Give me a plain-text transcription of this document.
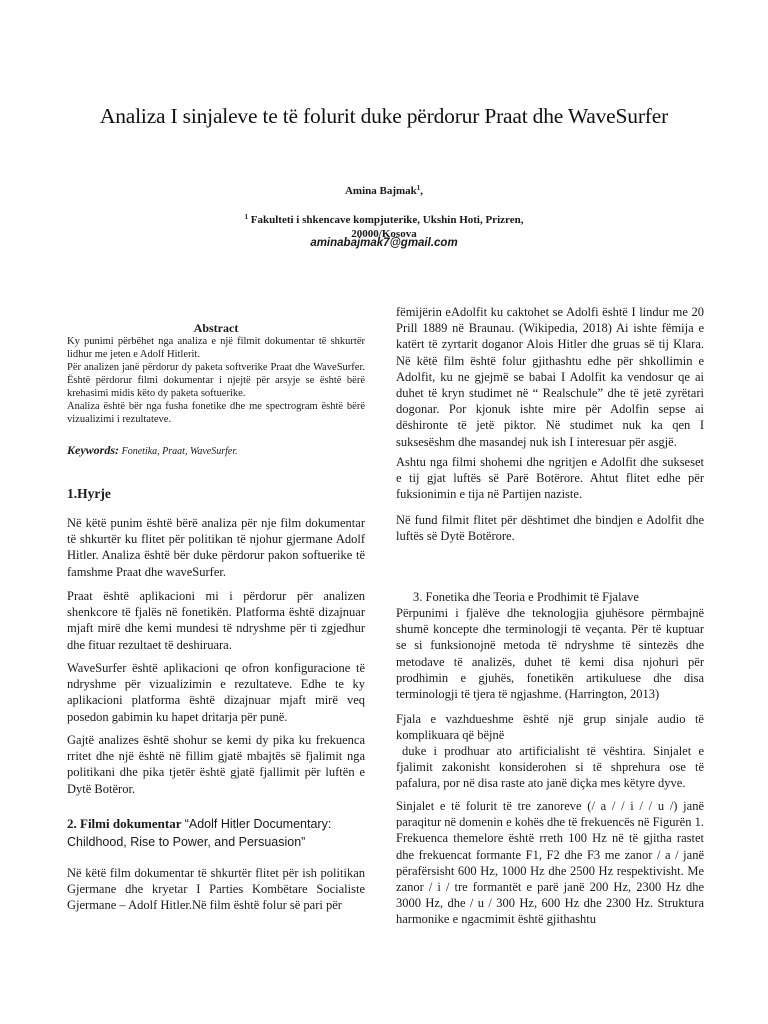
Analiza I sinjaleve te të folurit duke përdorur Praat dhe WaveSurfer
Amina Bajmak$^1$,
$^1$ Fakulteti i shkencave kompjuterike, Ukshin Hoti, Prizren,
20000/Kosova
aminabajmak7@gmail.com
Abstract

Ky punimi përbëhet nga analiza e një filmit dokumentar të shkurtër lidhur me jeten e Adolf Hitlerit.

Për analizen janë përdorur dy paketa softverike Praat dhe WaveSurfer. Është përdorur filmi dokumentar i njejtë për arsyje se është bërë krehasimi midis këto dy paketa softuerike.

Analiza është bër nga fusha fonetike dhe me spectrogram është bërë vizualizimi i rezultateve.

Keywords: Fonetika, Praat, WaveSurfer.
1.Hyrje
Në këtë punim është bërë analiza për nje film dokumentar të shkurtër ku flitet për politikan të njohur gjermane Adolf Hitler. Analiza është bër duke përdorur pakon softuerike të famshme Praat dhe waveSurfer.
Praat është aplikacioni mi i përdorur për analizen shenkcore të fjalës në fonetikën. Platforma është dizajnuar mjaft mirë dhe kemi mundesi të ndryshme për ti zgjedhur dhe fituar rezultaet të deshiruara.
WaveSurfer është aplikacioni qe ofron konfiguracione të ndryshme për vizualizimin e rezultateve. Edhe te ky aplikacioni platforma është dizajnuar mjaft mirë veq posedon gabimin ku hapet dritarja për punë.
Gajtë analizes është shohur se kemi dy pika ku frekuenca rritet dhe një është në fillim gjatë mbajtës së fjalimit nga politikani dhe pika tjetër është gjatë fjallimit për luftën e Dytë Botëror.
2. Filmi dokumentar “Adolf Hitler Documentary: Childhood, Rise to Power, and Persuasion”
Në këtë film dokumentar të shkurtër flitet për ish politikan Gjermane dhe kryetar I Parties Kombëtare Socialiste Gjermane – Adolf Hitler.Në film është folur së pari për
fëmijërin eAdolfit ku caktohet se Adolfi është I lindur me 20 Prill 1889 në Braunau. (Wikipedia, 2018) Ai ishte fëmija e katërt të zyrtarit doganor Alois Hitler dhe gruas së tij Klara. Në këtë film është folur gjithashtu edhe për shkollimin e Adolfit, ku ne gjejmë se babai I Adolfit ka vendosur qe ai duhet të kryn studimet në “ Realschule” dhe të jetë zyrëtari dogonar. Por kjonuk ishte mire për Adolfin sepse ai dëshironte të jetë piktor. Në studimet nuk ka qen I suksesëshm dhe masandej nuk ish I interesuar për asgjë.
Ashtu nga filmi shohemi dhe ngritjen e Adolfit dhe sukseset e tij gjat luftës së Parë Botërore. Ahtut flitet edhe për fuksionimin e tija në Partijen naziste.
Në fund filmit flitet për dështimet dhe bindjen e Adolfit dhe luftës së Dytë Botërore.
3. Fonetika dhe Teoria e Prodhimit të Fjalave
Përpunimi i fjalëve dhe teknologjia gjuhësore përmbajnë shumë koncepte dhe terminologji të veçanta. Për të kuptuar se si funksionojnë metoda të ndryshme të sintezës dhe metodave të analizës, duhet të kemi disa njohuri për prodhimin e gjuhës, fonetikën artikuluese dhe disa terminologji të tjera të ngjashme. (Harrington, 2013)
Fjala e vazhdueshme është një grup sinjale audio të komplikuara që bëjnë
duke i prodhuar ato artificialisht të vështira. Sinjalet e fjalimit zakonisht konsiderohen si të shprehura ose të pafalura, por në disa raste ato janë diçka mes këtyre dyve.
Sinjalet e të folurit të tre zanoreve (/ a / / i / / u /) janë paraqitur në domenin e kohës dhe të frekuencës në Figurën 1. Frekuenca themelore është rreth 100 Hz në të gjitha rastet dhe frekuencat formante F1, F2 dhe F3 me zanor / a / janë përafërsisht 600 Hz, 1000 Hz dhe 2500 Hz respektivisht. Me zanor / i / tre formantët e parë janë 200 Hz, 2300 Hz dhe 3000 Hz, dhe / u / 300 Hz, 600 Hz dhe 2300 Hz. Struktura harmonike e ngacmimit është gjithashtu
